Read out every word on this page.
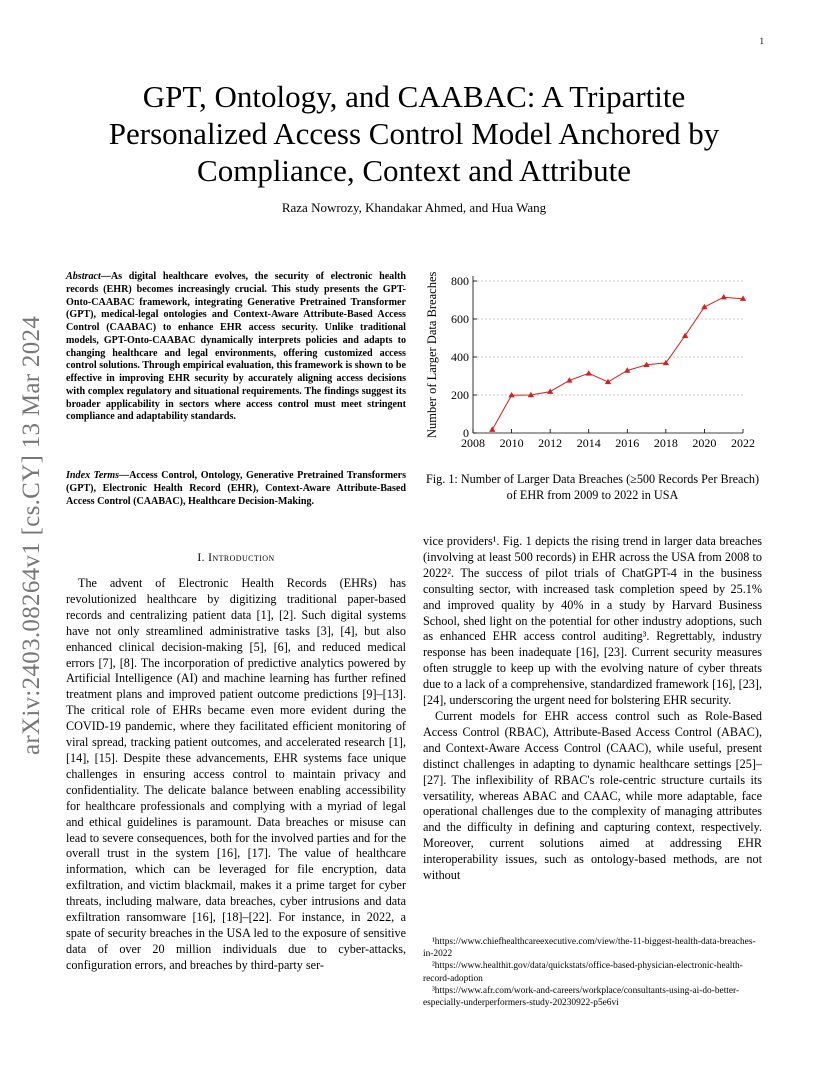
1
arXiv:2403.08264v1 [cs.CY] 13 Mar 2024
GPT, Ontology, and CAABAC: A Tripartite Personalized Access Control Model Anchored by Compliance, Context and Attribute
Raza Nowrozy, Khandakar Ahmed, and Hua Wang
Abstract—As digital healthcare evolves, the security of electronic health records (EHR) becomes increasingly crucial. This study presents the GPT-Onto-CAABAC framework, integrating Generative Pretrained Transformer (GPT), medical-legal ontologies and Context-Aware Attribute-Based Access Control (CAABAC) to enhance EHR access security. Unlike traditional models, GPT-Onto-CAABAC dynamically interprets policies and adapts to changing healthcare and legal environments, offering customized access control solutions. Through empirical evaluation, this framework is shown to be effective in improving EHR security by accurately aligning access decisions with complex regulatory and situational requirements. The findings suggest its broader applicability in sectors where access control must meet stringent compliance and adaptability standards.
Index Terms—Access Control, Ontology, Generative Pretrained Transformers (GPT), Electronic Health Record (EHR), Context-Aware Attribute-Based Access Control (CAABAC), Healthcare Decision-Making.
I. Introduction

The advent of Electronic Health Records (EHRs) has revolutionized healthcare by digitizing traditional paper-based records and centralizing patient data [1], [2]. Such digital systems have not only streamlined administrative tasks [3], [4], but also enhanced clinical decision-making [5], [6], and reduced medical errors [7], [8]. The incorporation of predictive analytics powered by Artificial Intelligence (AI) and machine learning has further refined treatment plans and improved patient outcome predictions [9]–[13]. The critical role of EHRs became even more evident during the COVID-19 pandemic, where they facilitated efficient monitoring of viral spread, tracking patient outcomes, and accelerated research [1], [14], [15]. Despite these advancements, EHR systems face unique challenges in ensuring access control to maintain privacy and confidentiality. The delicate balance between enabling accessibility for healthcare professionals and complying with a myriad of legal and ethical guidelines is paramount. Data breaches or misuse can lead to severe consequences, both for the involved parties and for the overall trust in the system [16], [17]. The value of healthcare information, which can be leveraged for file encryption, data exfiltration, and victim blackmail, makes it a prime target for cyber threats, including malware, data breaches, cyber intrusions and data exfiltration ransomware [16], [18]–[22]. For instance, in 2022, a spate of security breaches in the USA led to the exposure of sensitive data of over 20 million individuals due to cyber-attacks, configuration errors, and breaches by third-party ser-

Number of Larger Data Breaches 0
200
400
600
800
2008 2010 2012 2014 2016 2018 2020 2022
Fig. 1: Number of Larger Data Breaches (≥500 Records Per Breach) of EHR from 2009 to 2022 in USA

vice providers¹. Fig. 1 depicts the rising trend in larger data breaches (involving at least 500 records) in EHR across the USA from 2008 to 2022². The success of pilot trials of ChatGPT-4 in the business consulting sector, with increased task completion speed by 25.1% and improved quality by 40% in a study by Harvard Business School, shed light on the potential for other industry adoptions, such as enhanced EHR access control auditing³. Regrettably, industry response has been inadequate [16], [23]. Current security measures often struggle to keep up with the evolving nature of cyber threats due to a lack of a comprehensive, standardized framework [16], [23], [24], underscoring the urgent need for bolstering EHR security.

Current models for EHR access control such as Role-Based Access Control (RBAC), Attribute-Based Access Control (ABAC), and Context-Aware Access Control (CAAC), while useful, present distinct challenges in adapting to dynamic healthcare settings [25]–[27]. The inflexibility of RBAC's role-centric structure curtails its versatility, whereas ABAC and CAAC, while more adaptable, face operational challenges due to the complexity of managing attributes and the difficulty in defining and capturing context, respectively. Moreover, current solutions aimed at addressing EHR interoperability issues, such as ontology-based methods, are not without

¹https://www.chiefhealthcareexecutive.com/view/the-11-biggest-health-data-breaches-in-2022

²https://www.healthit.gov/data/quickstats/office-based-physician-electronic-health-record-adoption

³https://www.afr.com/work-and-careers/workplace/consultants-using-ai-do-better-especially-underperformers-study-20230922-p5e6vi
